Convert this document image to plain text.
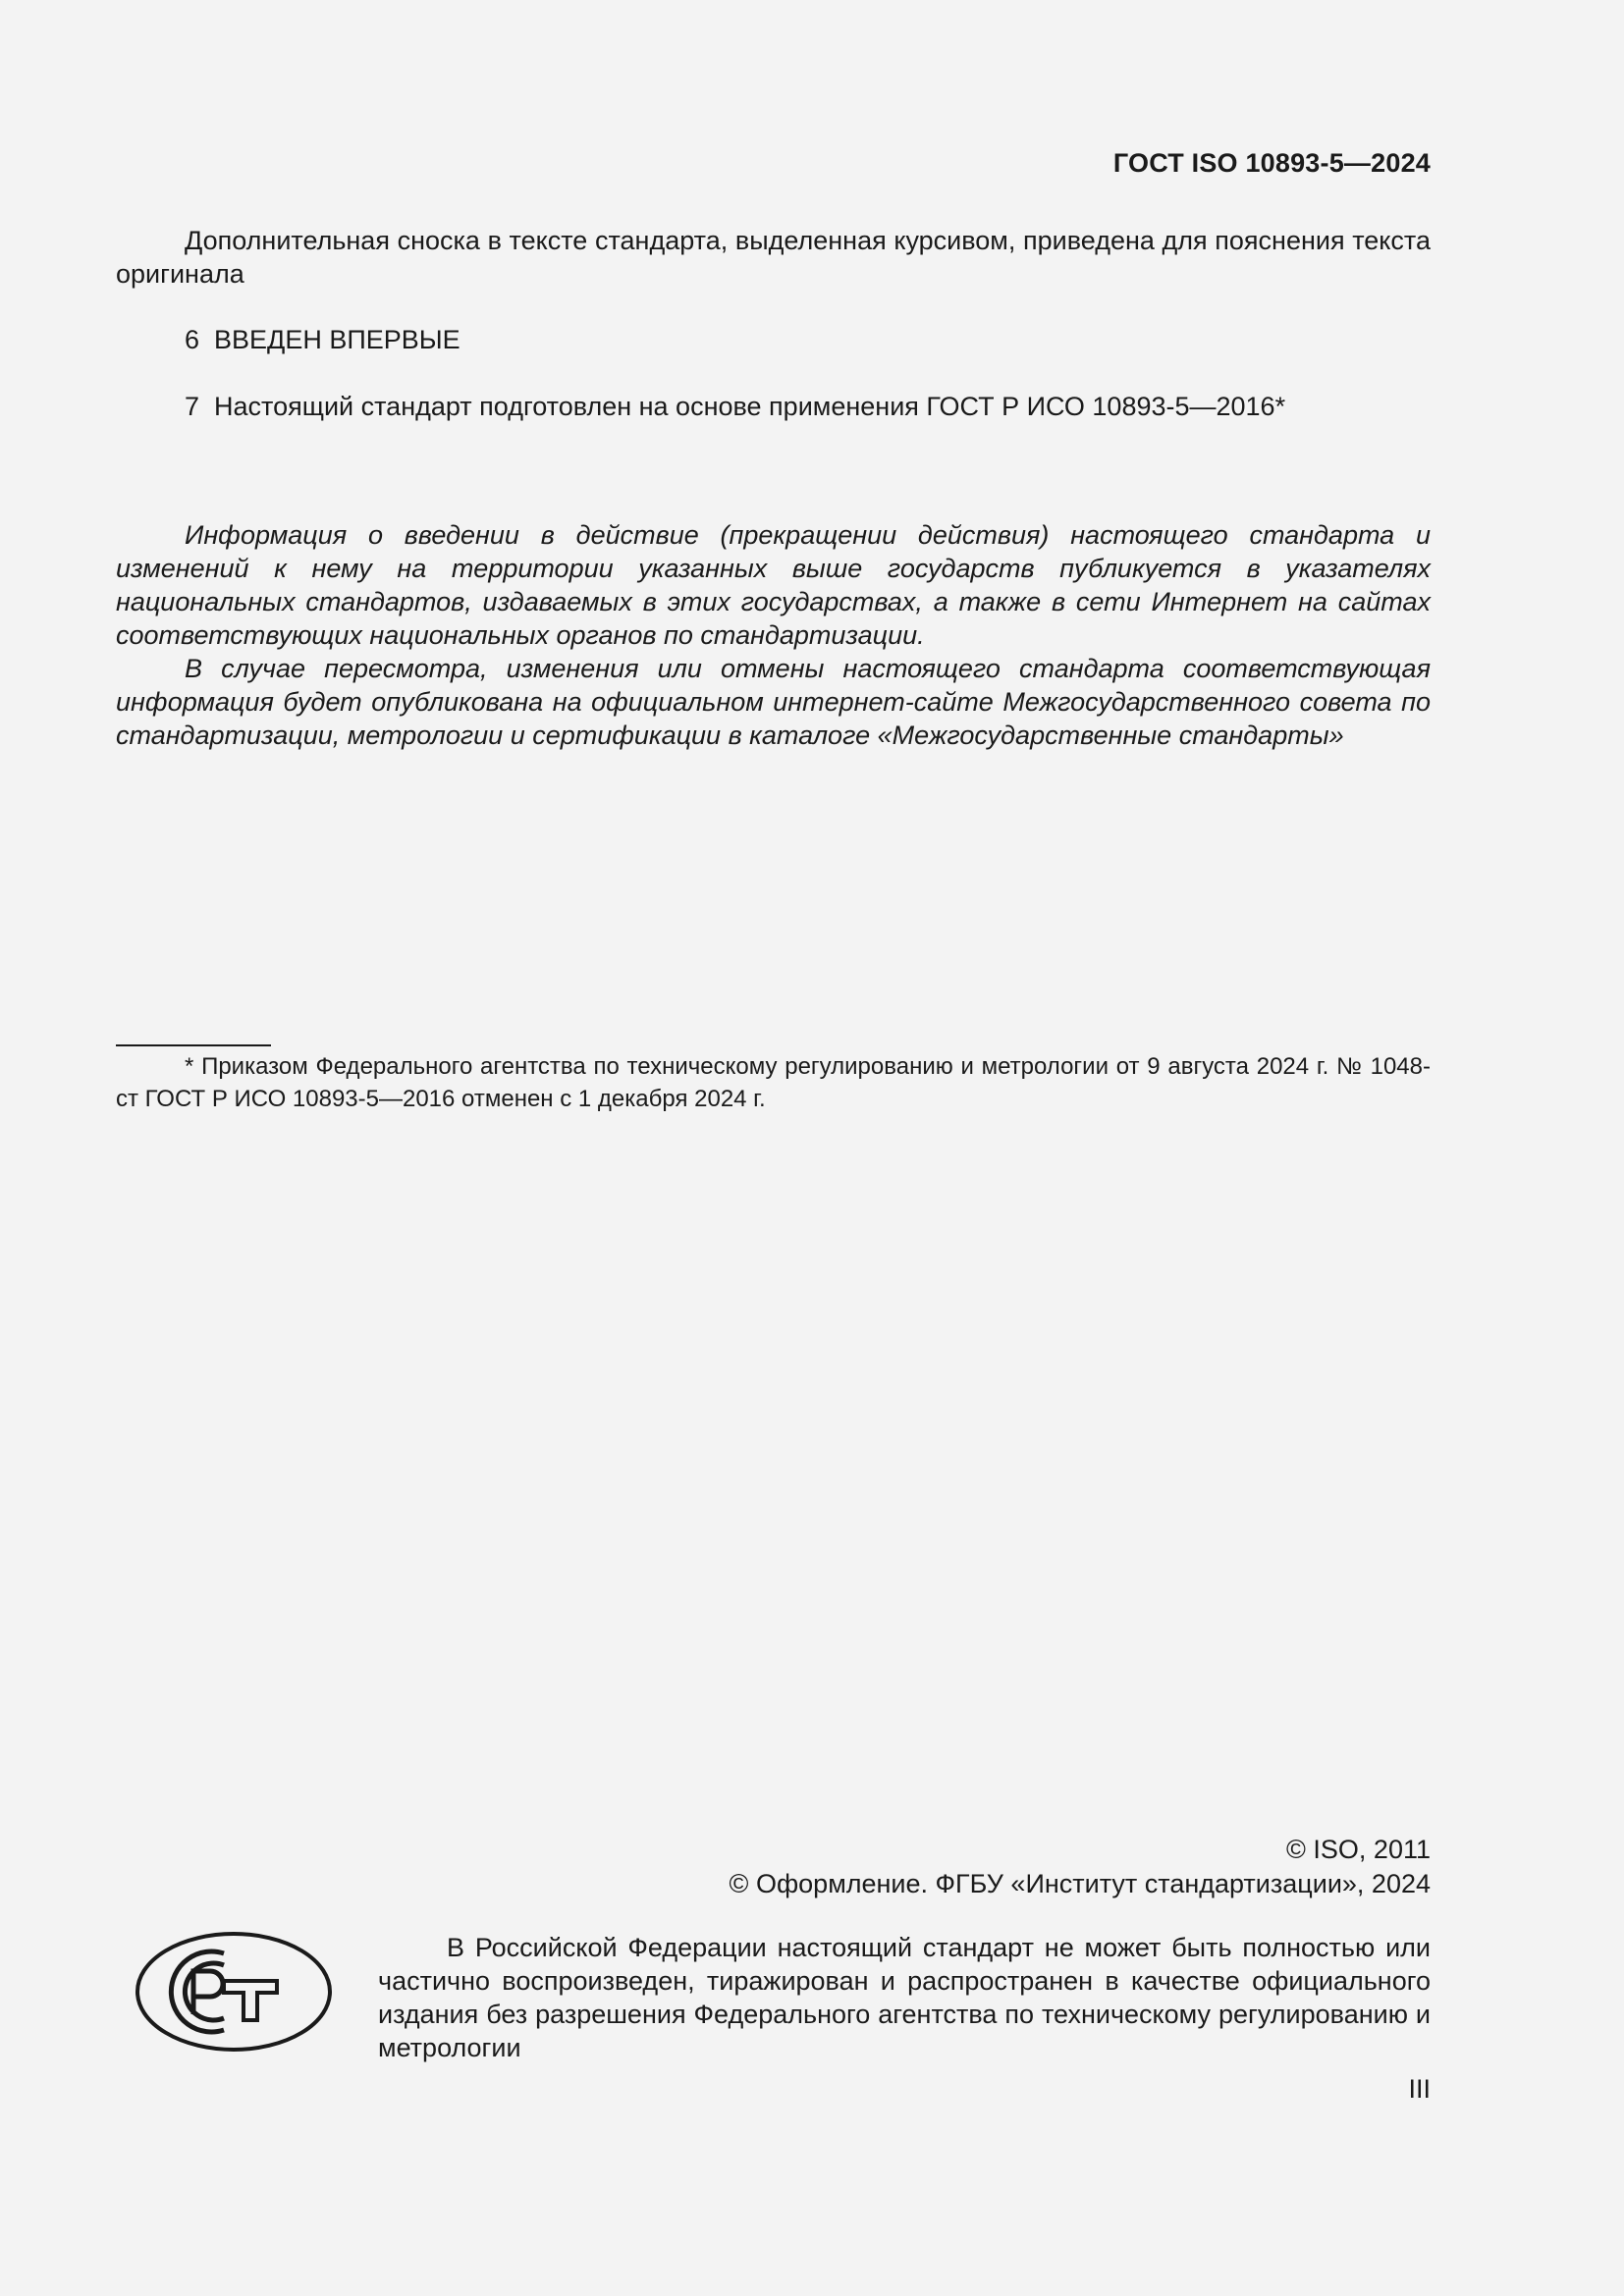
ГОСТ ISO 10893-5—2024

Дополнительная сноска в тексте стандарта, выделенная курсивом, приведена для пояснения текста оригинала

6  ВВЕДЕН ВПЕРВЫЕ

7  Настоящий стандарт подготовлен на основе применения ГОСТ Р ИСО 10893-5—2016*

Информация о введении в действие (прекращении действия) настоящего стандарта и изменений к нему на территории указанных выше государств публикуется в указателях национальных стандартов, издаваемых в этих государствах, а также в сети Интернет на сайтах соответствующих национальных органов по стандартизации.

В случае пересмотра, изменения или отмены настоящего стандарта соответствующая информация будет опубликована на официальном интернет-сайте Межгосударственного совета по стандартизации, метрологии и сертификации в каталоге «Межгосударственные стандарты»

* Приказом Федерального агентства по техническому регулированию и метрологии от 9 августа 2024 г. № 1048-ст ГОСТ Р ИСО 10893-5—2016 отменен с 1 декабря 2024 г.

© ISO, 2011
© Оформление. ФГБУ «Институт стандартизации», 2024

В Российской Федерации настоящий стандарт не может быть полностью или частично воспроизведен, тиражирован и распространен в качестве официального издания без разрешения Федерального агентства по техническому регулированию и метрологии

III
